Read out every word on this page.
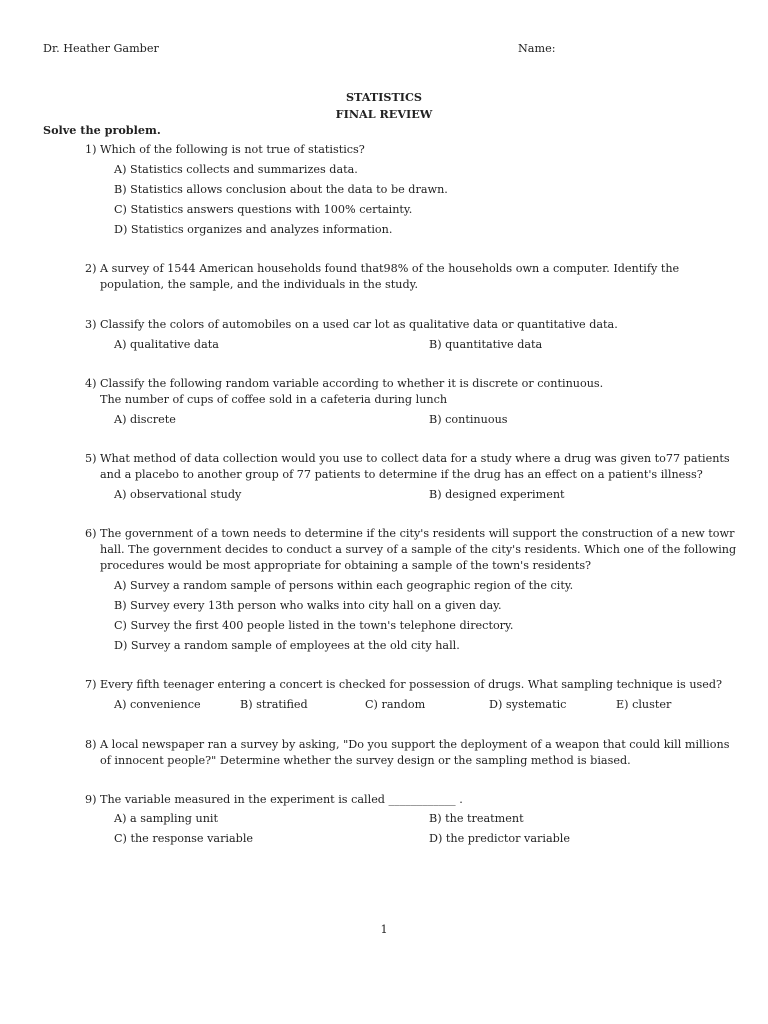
Dr. Heather Gamber	Name:
STATISTICS
FINAL REVIEW
Solve the problem.
1) Which of the following is not true of statistics?
A) Statistics collects and summarizes data.
B) Statistics allows conclusion about the data to be drawn.
C) Statistics answers questions with 100% certainty.
D) Statistics organizes and analyzes information.
2) A survey of 1544 American households found that98% of the households own a computer. Identify the
population, the sample, and the individuals in the study.
3) Classify the colors of automobiles on a used car lot as qualitative data or quantitative data.
A) qualitative data	B) quantitative data
4) Classify the following random variable according to whether it is discrete or continuous.
The number of cups of coffee sold in a cafeteria during lunch
A) discrete	B) continuous
5) What method of data collection would you use to collect data for a study where a drug was given to77 patients
and a placebo to another group of 77 patients to determine if the drug has an effect on a patient's illness?
A) observational study	B) designed experiment
6) The government of a town needs to determine if the city's residents will support the construction of a new towr
hall. The government decides to conduct a survey of a sample of the city's residents. Which one of the following
procedures would be most appropriate for obtaining a sample of the town's residents?
A) Survey a random sample of persons within each geographic region of the city.
B) Survey every 13th person who walks into city hall on a given day.
C) Survey the first 400 people listed in the town's telephone directory.
D) Survey a random sample of employees at the old city hall.
7) Every fifth teenager entering a concert is checked for possession of drugs. What sampling technique is used?
A) convenience	B) stratified	C) random	D) systematic	E) cluster
8) A local newspaper ran a survey by asking, "Do you support the deployment of a weapon that could kill millions
of innocent people?" Determine whether the survey design or the sampling method is biased.
9) The variable measured in the experiment is called ____________ .
A) a sampling unit	B) the treatment
C) the response variable	D) the predictor variable
1
